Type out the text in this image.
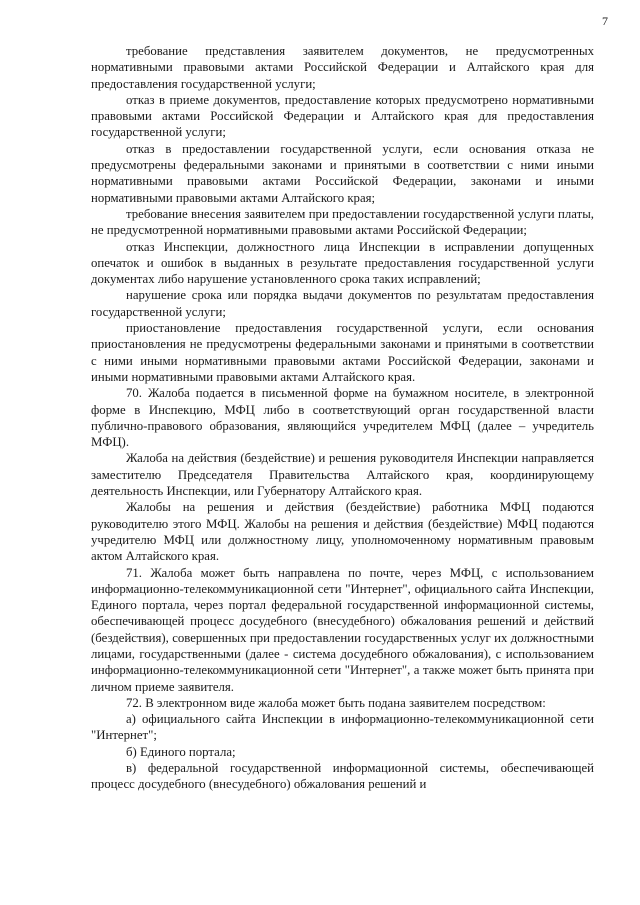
7

требование представления заявителем документов, не предусмотренных нормативными правовыми актами Российской Федерации и Алтайского края для предоставления государственной услуги;

отказ в приеме документов, предоставление которых предусмотрено нормативными правовыми актами Российской Федерации и Алтайского края для предоставления государственной услуги;

отказ в предоставлении государственной услуги, если основания отказа не предусмотрены федеральными законами и принятыми в соответствии с ними иными нормативными правовыми актами Российской Федерации, законами и иными нормативными правовыми актами Алтайского края;

требование внесения заявителем при предоставлении государственной услуги платы, не предусмотренной нормативными правовыми актами Российской Федерации;

отказ Инспекции, должностного лица Инспекции в исправлении допущенных опечаток и ошибок в выданных в результате предоставления государственной услуги документах либо нарушение установленного срока таких исправлений;

нарушение срока или порядка выдачи документов по результатам предоставления государственной услуги;

приостановление предоставления государственной услуги, если основания приостановления не предусмотрены федеральными законами и принятыми в соответствии с ними иными нормативными правовыми актами Российской Федерации, законами и иными нормативными правовыми актами Алтайского края.

70. Жалоба подается в письменной форме на бумажном носителе, в электронной форме в Инспекцию, МФЦ либо в соответствующий орган государственной власти публично-правового образования, являющийся учредителем МФЦ (далее – учредитель МФЦ).

Жалоба на действия (бездействие) и решения руководителя Инспекции направляется заместителю Председателя Правительства Алтайского края, координирующему деятельность Инспекции, или Губернатору Алтайского края.

Жалобы на решения и действия (бездействие) работника МФЦ подаются руководителю этого МФЦ. Жалобы на решения и действия (бездействие) МФЦ подаются учредителю МФЦ или должностному лицу, уполномоченному нормативным правовым актом Алтайского края.

71. Жалоба может быть направлена по почте, через МФЦ, с использованием информационно-телекоммуникационной сети "Интернет", официального сайта Инспекции, Единого портала, через портал федеральной государственной информационной системы, обеспечивающей процесс досудебного (внесудебного) обжалования решений и действий (бездействия), совершенных при предоставлении государственных услуг их должностными лицами, государственными (далее - система досудебного обжалования), с использованием информационно-телекоммуникационной сети "Интернет", а также может быть принята при личном приеме заявителя.

72. В электронном виде жалоба может быть подана заявителем посредством:

а) официального сайта Инспекции в информационно-телекоммуникационной сети "Интернет";

б) Единого портала;

в) федеральной государственной информационной системы, обеспечивающей процесс досудебного (внесудебного) обжалования решений и
